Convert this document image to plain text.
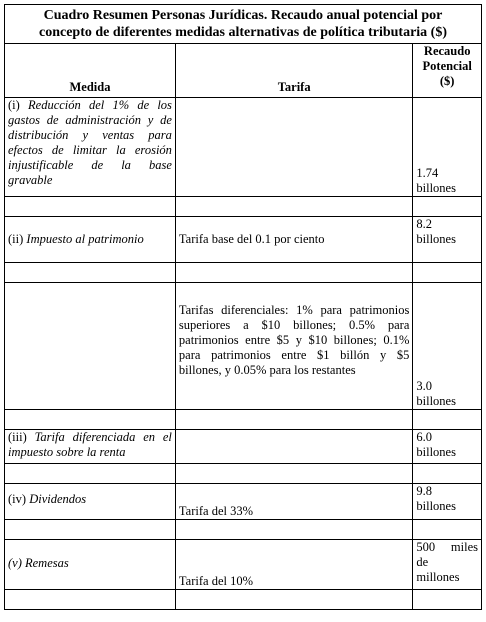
Cuadro Resumen Personas Jurídicas. Recaudo anual potencial por
concepto de diferentes medidas alternativas de política tributaria ($)		
Medida	Tarifa	Recaudo
Potencial
($)
(i) Reducción del 1% de los gastos de administración y de distribución y ventas para efectos de limitar la erosión injustificable de la base gravable		1.74
billones

(ii) Impuesto al patrimonio	Tarifa base del 0.1 por ciento	8.2
billones

	Tarifas diferenciales: 1% para patrimonios superiores a $10 billones; 0.5% para patrimonios entre $5 y $10 billones; 0.1% para patrimonios entre $1 billón y $5 billones, y 0.05% para los restantes	3.0
billones

(iii) Tarifa diferenciada en el impuesto sobre la renta		6.0
billones

(iv) Dividendos	Tarifa del 33%	9.8
billones

(v) Remesas	Tarifa del 10%	500 miles de
millones
